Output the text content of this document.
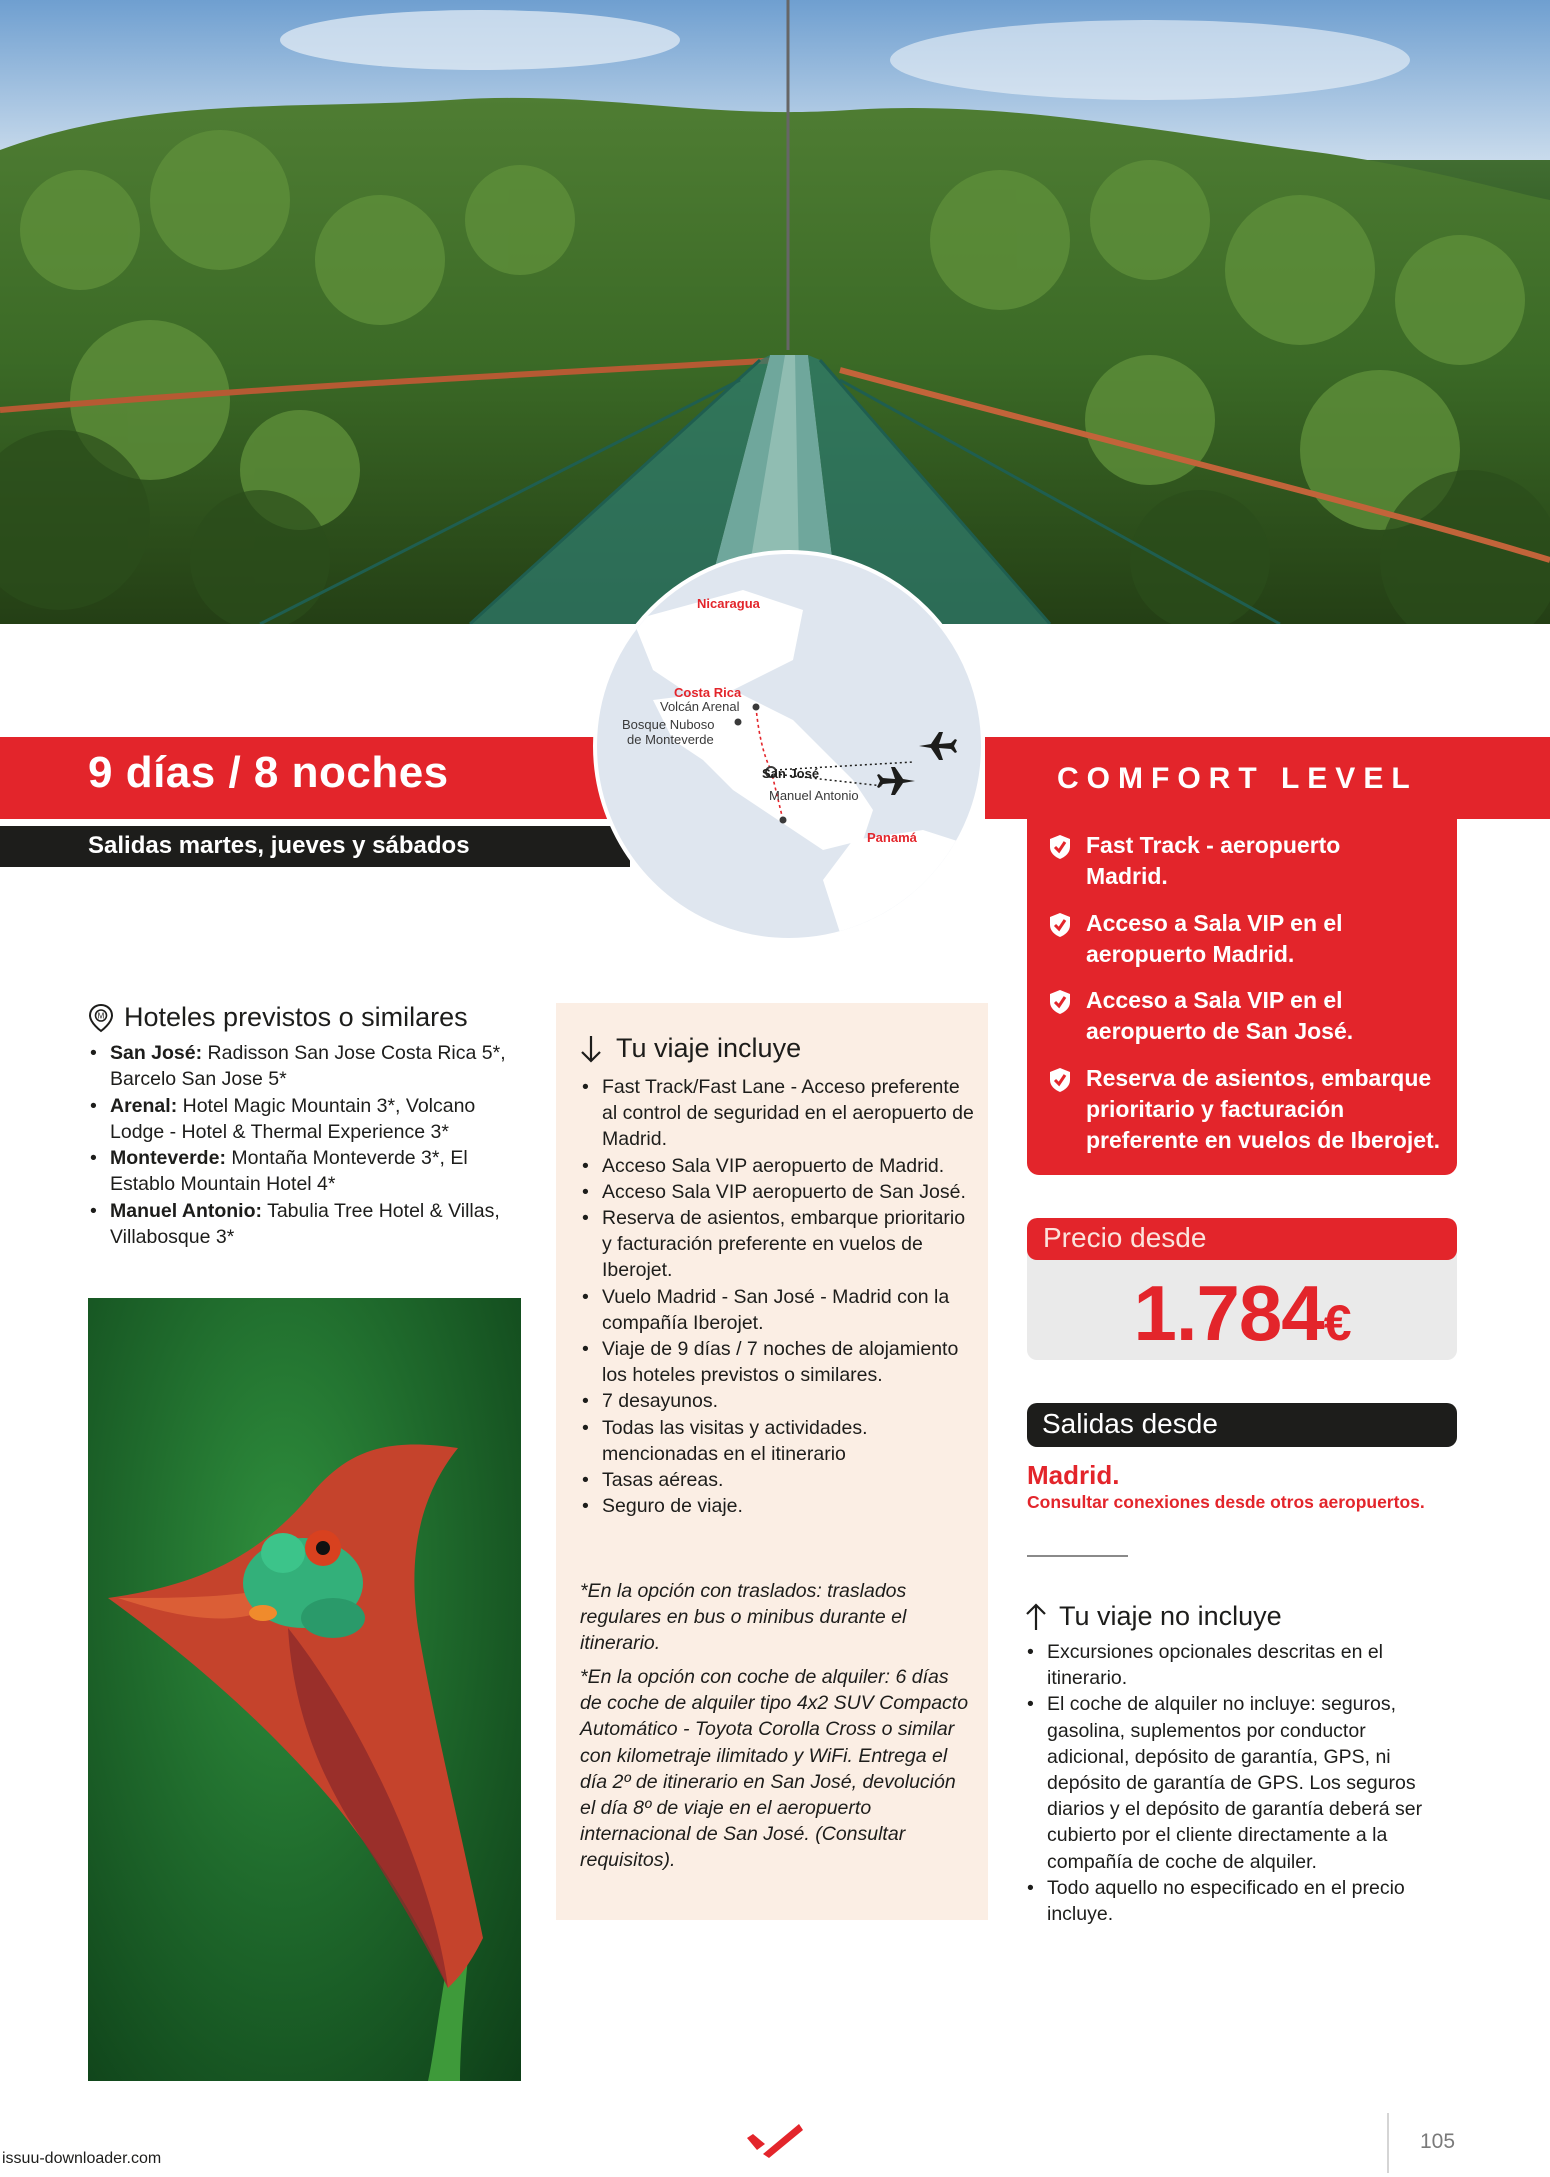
9 días / 8 noches
Salidas martes, jueves y sábados
COMFORT LEVEL
Fast Track - aeropuerto
Madrid.
Acceso a Sala VIP en el
aeropuerto Madrid.
Acceso a Sala VIP en el
aeropuerto de San José.
Reserva de asientos, embarque
prioritario y facturación
preferente en vuelos de Iberojet.
Nicaragua
Costa Rica
Volcán Arenal
Bosque Nuboso
de Monteverde
San José
Manuel Antonio
Panamá
M Hoteles previstos o similares
• San José: Radisson San Jose Costa Rica 5*,
Barcelo San Jose 5*
• Arenal: Hotel Magic Mountain 3*, Volcano
Lodge - Hotel & Thermal Experience 3*
• Monteverde: Montaña Monteverde 3*, El
Establo Mountain Hotel 4*
• Manuel Antonio: Tabulia Tree Hotel & Villas,
Villabosque 3*
Tu viaje incluye
• Fast Track/Fast Lane - Acceso preferente al control de seguridad en el aeropuerto de Madrid.
• Acceso Sala VIP aeropuerto de Madrid.
• Acceso Sala VIP aeropuerto de San José.
• Reserva de asientos, embarque prioritario y facturación preferente en vuelos de Iberojet.
• Vuelo Madrid - San José - Madrid con la compañía Iberojet.
• Viaje de 9 días / 7 noches de alojamiento los hoteles previstos o similares.
• 7 desayunos.
• Todas las visitas y actividades. mencionadas en el itinerario
• Tasas aéreas.
• Seguro de viaje.
*En la opción con traslados: traslados regulares en bus o minibus durante el itinerario.
*En la opción con coche de alquiler: 6 días de coche de alquiler tipo 4x2 SUV Compacto Automático - Toyota Corolla Cross o similar con kilometraje ilimitado y WiFi. Entrega el día 2º de itinerario en San José, devolución el día 8º de viaje en el aeropuerto internacional de San José. (Consultar requisitos).
Precio desde
1.784€
Salidas desde
Madrid.
Consultar conexiones desde otros aeropuertos.
Tu viaje no incluye
• Excursiones opcionales descritas en el itinerario.
• El coche de alquiler no incluye: seguros, gasolina, suplementos por conductor adicional, depósito de garantía, GPS, ni depósito de garantía de GPS. Los seguros diarios y el depósito de garantía deberá ser cubierto por el cliente directamente a la compañía de coche de alquiler.
• Todo aquello no especificado en el precio incluye.
105
issuu-downloader.com
